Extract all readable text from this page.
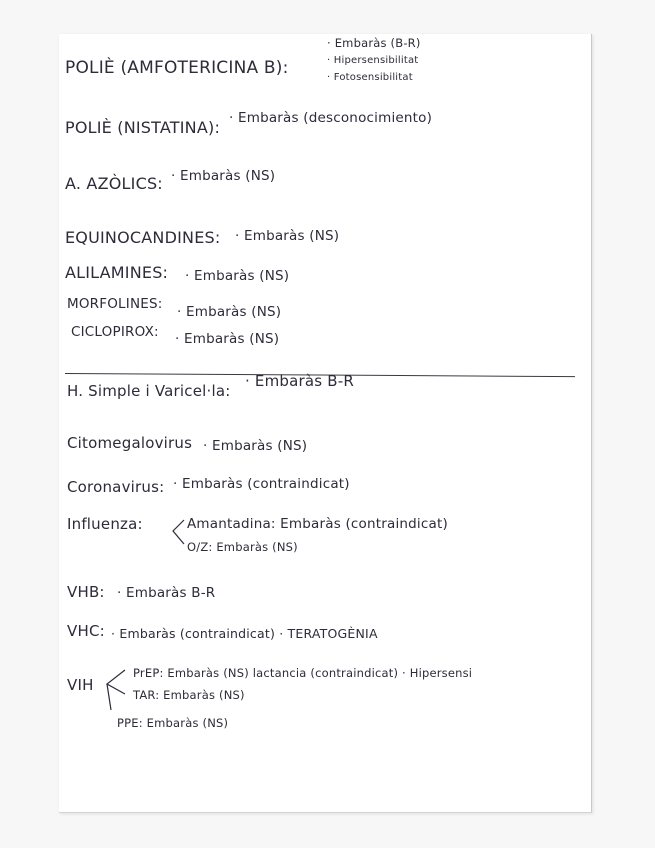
POLIÈ (AMFOTERICINA B):
· Embaràs (B-R)
· Hipersensibilitat
· Fotosensibilitat
POLIÈ (NISTATINA): · Embaràs (desconocimiento)
A. AZÒLICS: · Embaràs (NS)
EQUINOCANDINES: · Embaràs (NS)
ALILAMINES: · Embaràs (NS)
MORFOLINES: · Embaràs (NS)
CICLOPIROX: · Embaràs (NS)
H. Simple i Varicel·la:
· Embaràs B-R
Citomegalovirus · Embaràs (NS)
Coronavirus: · Embaràs (contraindicat)
Influenza:	Amantadina: Embaràs (contraindicat)
O/Z: Embaràs (NS)
VHB: · Embaràs B-R
VHC: · Embaràs (contraindicat) · TERATOGÈNIA
VIH
PrEP: Embaràs (NS) lactancia (contraindicat) · Hipersensi
TAR: Embaràs (NS)
PPE: Embaràs (NS)
